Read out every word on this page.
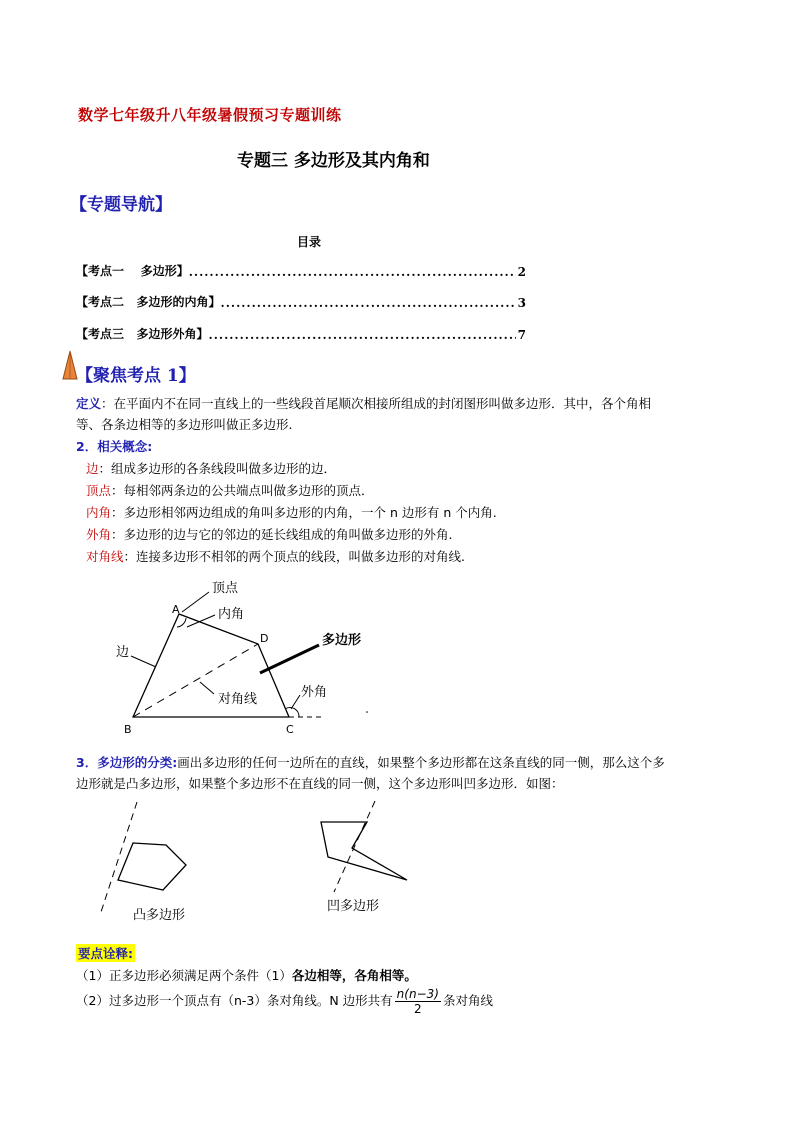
数学七年级升八年级暑假预习专题训练
专题三 多边形及其内角和
【专题导航】
目录
【考点一    多边形】 .....	2
【考点二   多边形的内角】 .....	3
【考点三   多边形外角】 .....	7
【聚焦考点 1】
定义：在平面内不在同一直线上的一些线段首尾顺次相接所组成的封闭图形叫做多边形．其中，各个角相
等、各条边相等的多边形叫做正多边形.
2．相关概念:
边：组成多边形的各条线段叫做多边形的边．
顶点：每相邻两条边的公共端点叫做多边形的顶点．
内角：多边形相邻两边组成的角叫多边形的内角，一个 n 边形有 n 个内角.
外角：多边形的边与它的邻边的延长线组成的角叫做多边形的外角.
对角线：连接多边形不相邻的两个顶点的线段，叫做多边形的对角线.
顶点
内角
边
多边形
对角线	外角
A
B	C
D
3．多边形的分类:画出多边形的任何一边所在的直线，如果整个多边形都在这条直线的同一侧，那么这个多
边形就是凸多边形，如果整个多边形不在直线的同一侧，这个多边形叫凹多边形．如图：
凸多边形
凹多边形
要点诠释:
（1）正多边形必须满足两个条件（1）各边相等，各角相等。
（2）过多边形一个顶点有（n-3）条对角线。N 边形共有 $\frac{n(n-3)}{2}$ 条对角线
